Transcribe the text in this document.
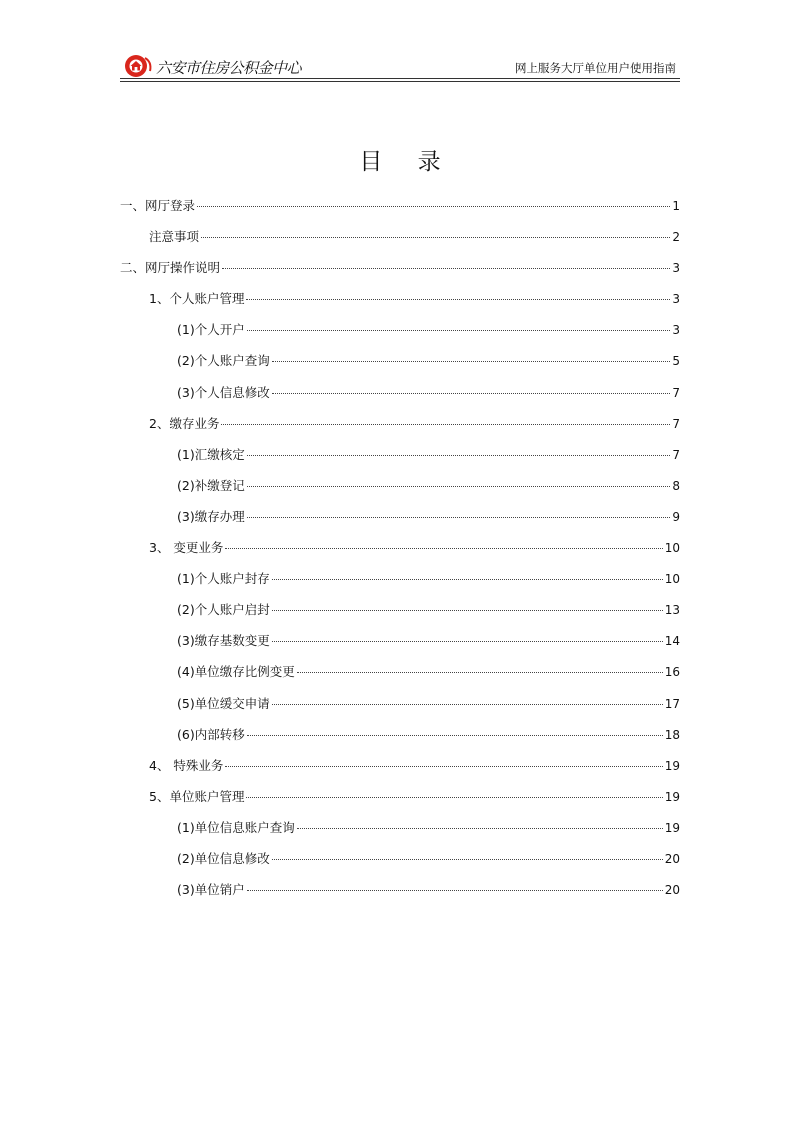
六安市住房公积金中心	网上服务大厅单位用户使用指南
目 录
一、网厅登录	1
注意事项	2
二、网厅操作说明	3
1、个人账户管理	3
(1)个人开户	3
(2)个人账户查询	5
(3)个人信息修改	7
2、缴存业务	7
(1)汇缴核定	7
(2)补缴登记	8
(3)缴存办理	9
3、 变更业务	10
(1)个人账户封存	10
(2)个人账户启封	13
(3)缴存基数变更	14
(4)单位缴存比例变更	16
(5)单位缓交申请	17
(6)内部转移	18
4、 特殊业务	19
5、单位账户管理	19
(1)单位信息账户查询	19
(2)单位信息修改	20
(3)单位销户	20
